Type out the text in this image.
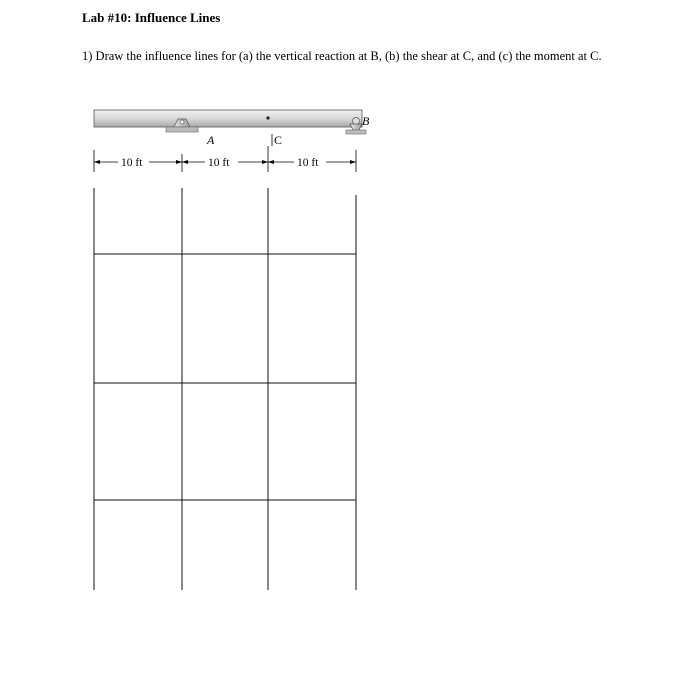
Lab #10: Influence Lines

1) Draw the influence lines for (a) the vertical reaction at B, (b) the shear at C, and (c) the moment at C.

A
B
C
10 ft	10 ft	10 ft
